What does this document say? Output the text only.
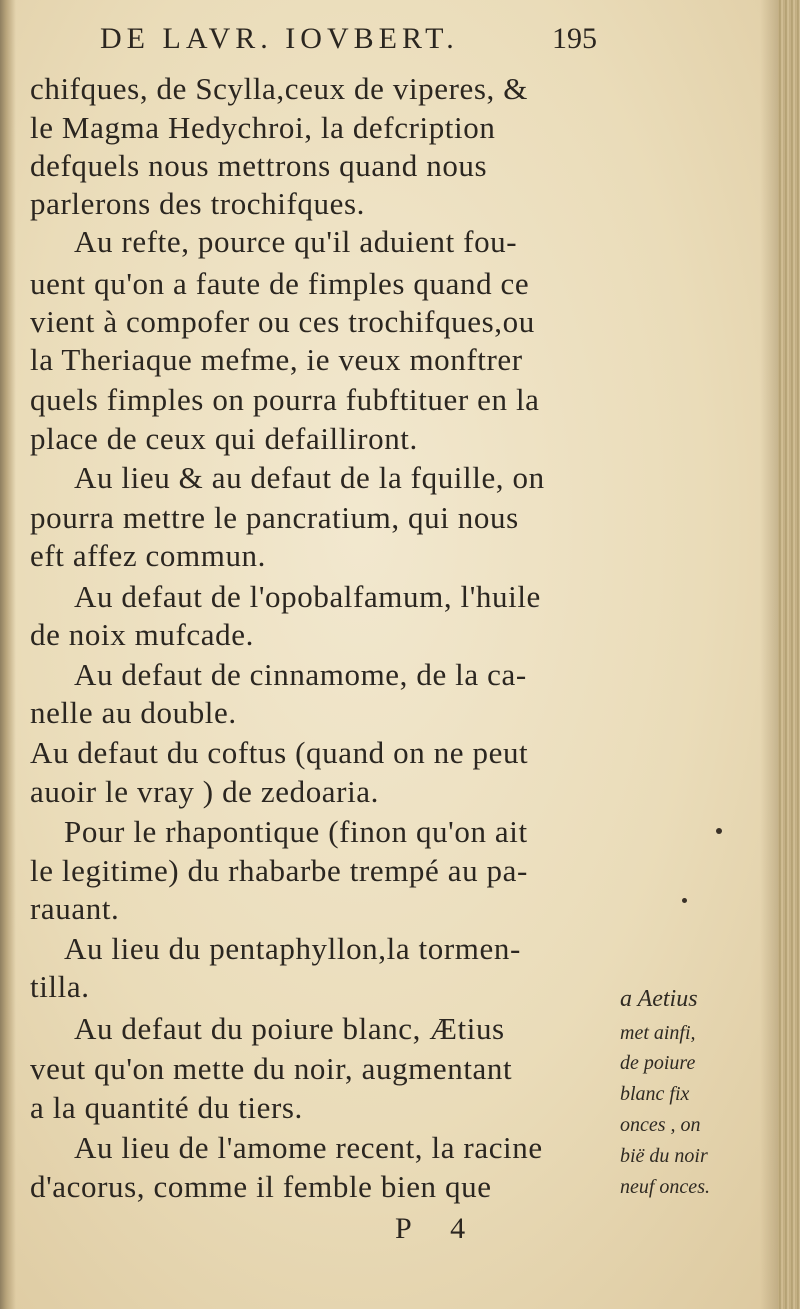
DE LAVR. IOVBERT.	195
chifques, de Scylla,ceux de viperes, &
le Magma Hedychroi, la defcription
defquels nous mettrons quand nous
parlerons des trochifques.
Au refte, pource qu'il aduient fou-
uent qu'on a faute de fimples quand ce
vient à compofer ou ces trochifques,ou
la Theriaque mefme, ie veux monftrer
quels fimples on pourra fubftituer en la
place de ceux qui defailliront.
Au lieu & au defaut de la fquille, on
pourra mettre le pancratium, qui nous
eft affez commun.
Au defaut de l'opobalfamum, l'huile
de noix mufcade.
Au defaut de cinnamome, de la ca-
nelle au double.
Au defaut du coftus (quand on ne peut
auoir le vray ) de zedoaria.
Pour le rhapontique (finon qu'on ait
le legitime) du rhabarbe trempé au pa-
rauant.
Au lieu du pentaphyllon,la tormen-
tilla.
Au defaut du poiure blanc, Ætius
veut qu'on mette du noir, augmentant
a la quantité du tiers.
Au lieu de l'amome recent, la racine
d'acorus, comme il femble bien que
a Aetius
met ainfi,
de poiure
blanc fix
onces , on
bië du noir
neuf onces.
P 4
